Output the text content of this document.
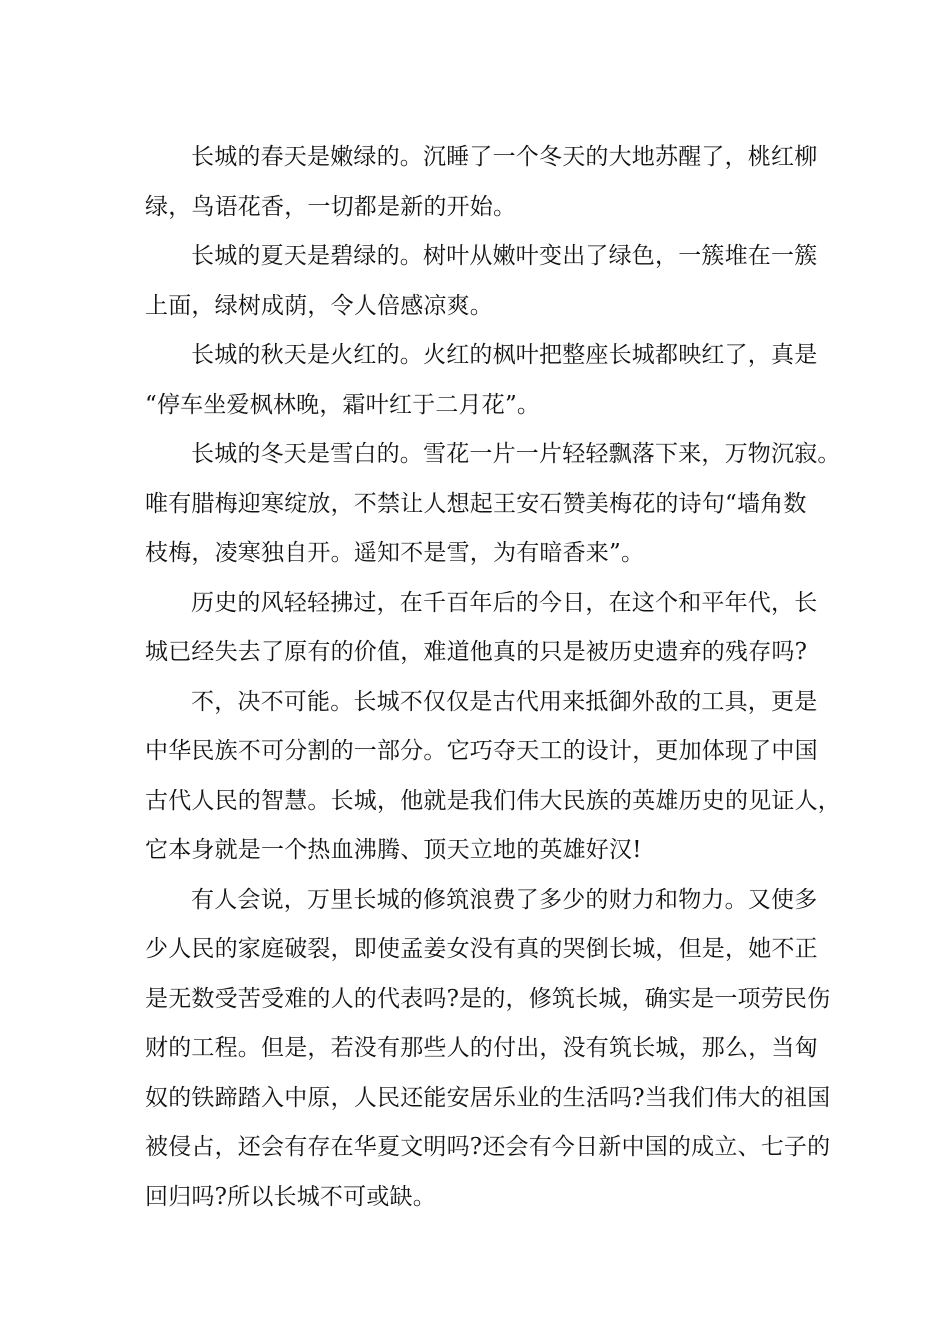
长城的春天是嫩绿的。沉睡了一个冬天的大地苏醒了，桃红柳
绿，鸟语花香，一切都是新的开始。
长城的夏天是碧绿的。树叶从嫩叶变出了绿色，一簇堆在一簇
上面，绿树成荫，令人倍感凉爽。
长城的秋天是火红的。火红的枫叶把整座长城都映红了，真是
“停车坐爱枫林晚，霜叶红于二月花”。
长城的冬天是雪白的。雪花一片一片轻轻飘落下来，万物沉寂。
唯有腊梅迎寒绽放，不禁让人想起王安石赞美梅花的诗句“墙角数
枝梅，凌寒独自开。遥知不是雪，为有暗香来”。
历史的风轻轻拂过，在千百年后的今日，在这个和平年代，长
城已经失去了原有的价值，难道他真的只是被历史遗弃的残存吗?
不，决不可能。长城不仅仅是古代用来抵御外敌的工具，更是
中华民族不可分割的一部分。它巧夺天工的设计，更加体现了中国
古代人民的智慧。长城，他就是我们伟大民族的英雄历史的见证人，
它本身就是一个热血沸腾、顶天立地的英雄好汉!
有人会说，万里长城的修筑浪费了多少的财力和物力。又使多
少人民的家庭破裂，即使孟姜女没有真的哭倒长城，但是，她不正
是无数受苦受难的人的代表吗?是的，修筑长城，确实是一项劳民伤
财的工程。但是，若没有那些人的付出，没有筑长城，那么，当匈
奴的铁蹄踏入中原，人民还能安居乐业的生活吗?当我们伟大的祖国
被侵占，还会有存在华夏文明吗?还会有今日新中国的成立、七子的
回归吗?所以长城不可或缺。
